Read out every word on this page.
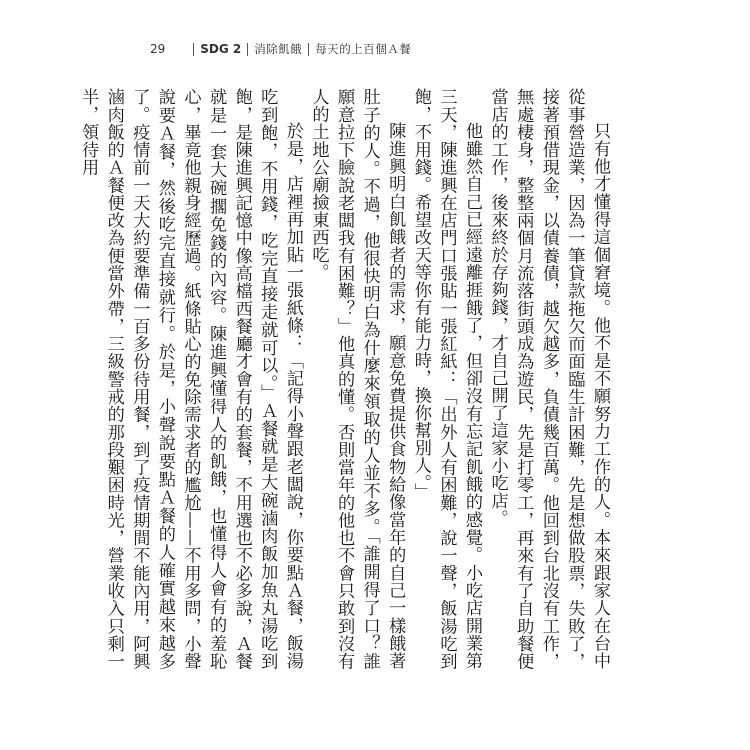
29	SDG 2 消除飢餓 每天的上百個Ａ餐

只有他才懂得這個窘境。他不是不願努力工作的人。本來跟家人在台中從事營造業，因為一筆貸款拖欠而面臨生計困難，先是想做股票，失敗了，接著預借現金，以債養債，越欠越多，負債幾百萬。他回到台北沒有工作，無處棲身，整整兩個月流落街頭成為遊民，先是打零工，再來有了自助餐便當店的工作，後來終於存夠錢，才自己開了這家小吃店。

他雖然自己已經遠離捱餓了，但卻沒有忘記飢餓的感覺。小吃店開業第三天，陳進興在店門口張貼一張紅紙：「出外人有困難，說一聲，飯湯吃到飽，不用錢。希望改天等你有能力時，換你幫別人。」

陳進興明白飢餓者的需求，願意免費提供食物給像當年的自己一樣餓著肚子的人。不過，他很快明白為什麼來領取的人並不多。「誰開得了口？誰願意拉下臉說老闆我有困難？」他真的懂。否則當年的他也不會只敢到沒有人的土地公廟撿東西吃。

於是，店裡再加貼一張紙條：「記得小聲跟老闆說，你要點Ａ餐，飯湯吃到飽，不用錢，吃完直接走就可以。」Ａ餐就是大碗滷肉飯加魚丸湯吃到飽，是陳進興記憶中像高檔西餐廳才會有的套餐，不用選也不必多說，Ａ餐就是一套大碗擱免錢的內容。陳進興懂得人的飢餓，也懂得人會有的羞恥心，畢竟他親身經歷過。紙條貼心的免除需求者的尷尬——不用多問，小聲說要Ａ餐，然後吃完直接就行。於是，小聲說要點Ａ餐的人確實越來越多了。疫情前一天大約要準備一百多份待用餐，到了疫情期間不能內用，阿興滷肉飯的Ａ餐便改為便當外帶，三級警戒的那段艱困時光，營業收入只剩一半，領待用
